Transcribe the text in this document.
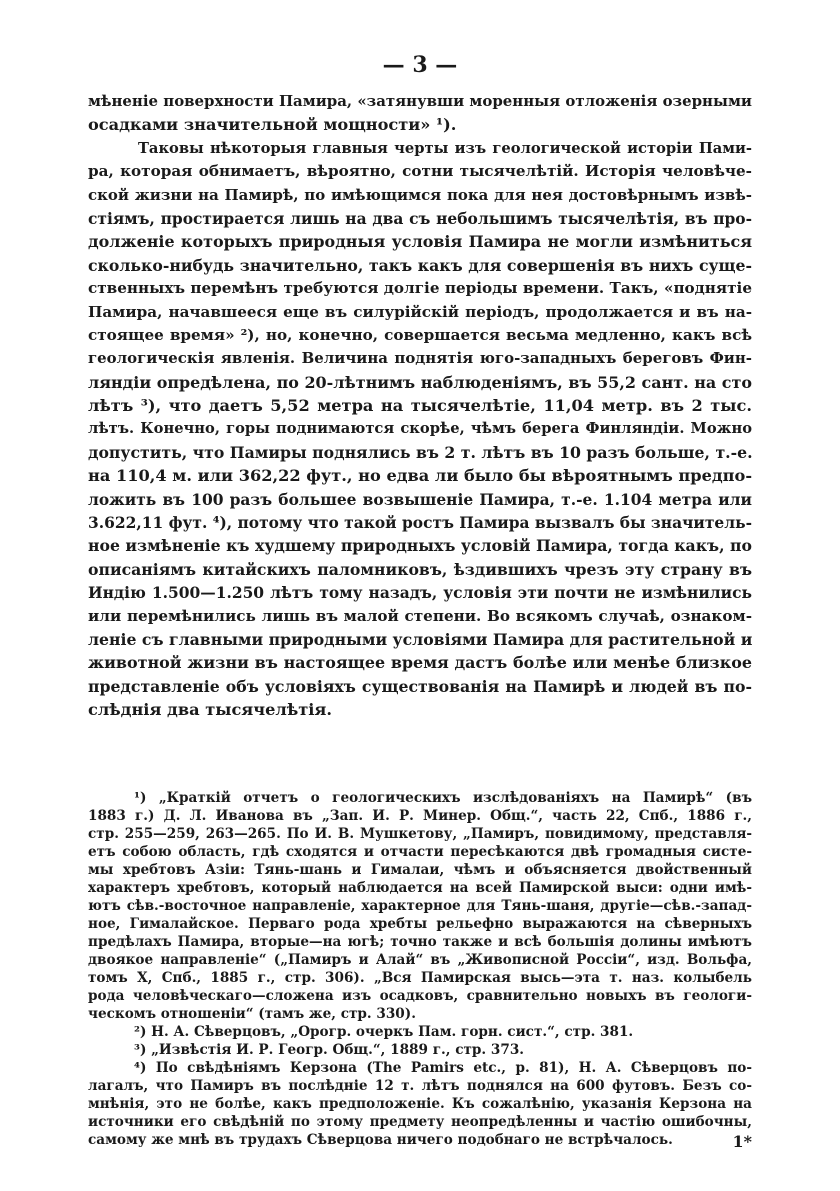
— 3 —
мѣненіе поверхности Памира, «затянувши моренныя отложенія озерными
осадками значительной мощности» ¹).
Таковы нѣкоторыя главныя черты изъ геологической исторіи Пами-
ра, которая обнимаетъ, вѣроятно, сотни тысячелѣтій. Исторія человѣче-
ской жизни на Памирѣ, по имѣющимся пока для нея достовѣрнымъ извѣ-
стіямъ, простирается лишь на два съ небольшимъ тысячелѣтія, въ про-
долженіе которыхъ природныя условія Памира не могли измѣниться
сколько-нибудь значительно, такъ какъ для совершенія въ нихъ суще-
ственныхъ перемѣнъ требуются долгіе періоды времени. Такъ, «поднятіе
Памира, начавшееся еще въ силурійскій періодъ, продолжается и въ на-
стоящее время» ²), но, конечно, совершается весьма медленно, какъ всѣ
геологическія явленія. Величина поднятія юго-западныхъ береговъ Фин-
ляндіи опредѣлена, по 20-лѣтнимъ наблюденіямъ, въ 55,2 сант. на сто
лѣтъ ³), что даетъ 5,52 метра на тысячелѣтіе, 11,04 метр. въ 2 тыс.
лѣтъ. Конечно, горы поднимаются скорѣе, чѣмъ берега Финляндіи. Можно
допустить, что Памиры поднялись въ 2 т. лѣтъ въ 10 разъ больше, т.-е.
на 110,4 м. или 362,22 фут., но едва ли было бы вѣроятнымъ предпо-
ложить въ 100 разъ большее возвышеніе Памира, т.-е. 1.104 метра или
3.622,11 фут. ⁴), потому что такой ростъ Памира вызвалъ бы значитель-
ное измѣненіе къ худшему природныхъ условій Памира, тогда какъ, по
описаніямъ китайскихъ паломниковъ, ѣздившихъ чрезъ эту страну въ
Индію 1.500—1.250 лѣтъ тому назадъ, условія эти почти не измѣнились
или перемѣнились лишь въ малой степени. Во всякомъ случаѣ, ознаком-
леніе съ главными природными условіями Памира для растительной и
животной жизни въ настоящее время дастъ болѣе или менѣе близкое
представленіе объ условіяхъ существованія на Памирѣ и людей въ по-
слѣднія два тысячелѣтія.
¹) „Краткій отчетъ о геологическихъ изслѣдованіяхъ на Памирѣ“ (въ
1883 г.) Д. Л. Иванова въ „Зап. И. Р. Минер. Общ.“, часть 22, Спб., 1886 г.,
стр. 255—259, 263—265. По И. В. Мушкетову, „Памиръ, повидимому, представля-
етъ собою область, гдѣ сходятся и отчасти пересѣкаются двѣ громадныя систе-
мы хребтовъ Азіи: Тянь-шань и Гималаи, чѣмъ и объясняется двойственный
характеръ хребтовъ, который наблюдается на всей Памирской выси: одни имѣ-
ютъ сѣв.-восточное направленіе, характерное для Тянь-шаня, другіе—сѣв.-запад-
ное, Гималайское. Перваго рода хребты рельефно выражаются на сѣверныхъ
предѣлахъ Памира, вторые—на югѣ; точно также и всѣ большія долины имѣютъ
двоякое направленіе“ („Памиръ и Алай“ въ „Живописной Россіи“, изд. Вольфа,
томъ X, Спб., 1885 г., стр. 306). „Вся Памирская высь—эта т. наз. колыбель
рода человѣческаго—сложена изъ осадковъ, сравнительно новыхъ въ геологи-
ческомъ отношеніи“ (тамъ же, стр. 330).
²) Н. А. Сѣверцовъ, „Орогр. очеркъ Пам. горн. сист.“, стр. 381.
³) „Извѣстія И. Р. Геогр. Общ.“, 1889 г., стр. 373.
⁴) По свѣдѣніямъ Керзона (The Pamirs etc., p. 81), Н. А. Сѣверцовъ по-
лагалъ, что Памиръ въ послѣдніе 12 т. лѣтъ поднялся на 600 футовъ. Безъ со-
мнѣнія, это не болѣе, какъ предположеніе. Къ сожалѣнію, указанія Керзона на
источники его свѣдѣній по этому предмету неопредѣленны и частію ошибочны,
самому же мнѣ въ трудахъ Сѣверцова ничего подобнаго не встрѣчалось.	1*
